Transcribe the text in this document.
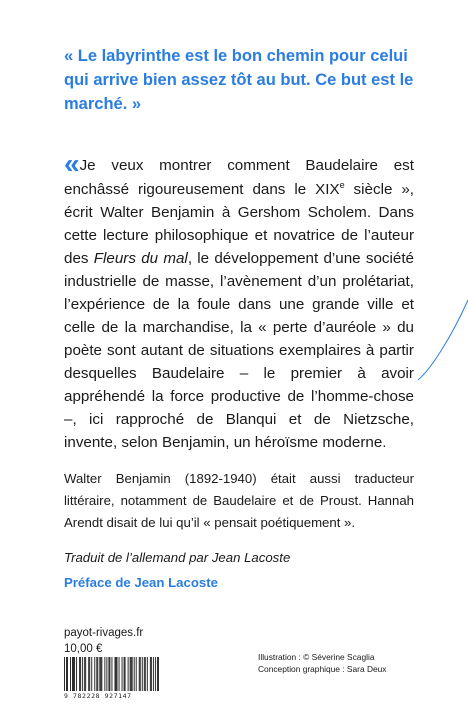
« Le labyrinthe est le bon chemin pour celui
qui arrive bien assez tôt au but. Ce but est le
marché. »

« Je veux montrer comment Baudelaire est enchâssé rigoureusement dans le XIXe siècle », écrit Walter Benjamin à Gershom Scholem. Dans cette lecture philosophique et novatrice de l’auteur des Fleurs du mal, le développement d’une société industrielle de masse, l’avènement d’un prolétariat, l’expérience de la foule dans une grande ville et celle de la marchandise, la « perte d’auréole » du poète sont autant de situations exemplaires à partir desquelles Baudelaire – le premier à avoir appréhendé la force productive de l’homme-chose –, ici rapproché de Blanqui et de Nietzsche, invente, selon Benjamin, un héroïsme moderne.

Walter Benjamin (1892-1940) était aussi traducteur littéraire, notamment de Baudelaire et de Proust. Hannah Arendt disait de lui qu’il « pensait poétiquement ».

Traduit de l’allemand par Jean Lacoste
Préface de Jean Lacoste
payot-rivages.fr
10,00 €
9 782228 927147
Illustration : © Séverine Scaglia
Conception graphique : Sara Deux
